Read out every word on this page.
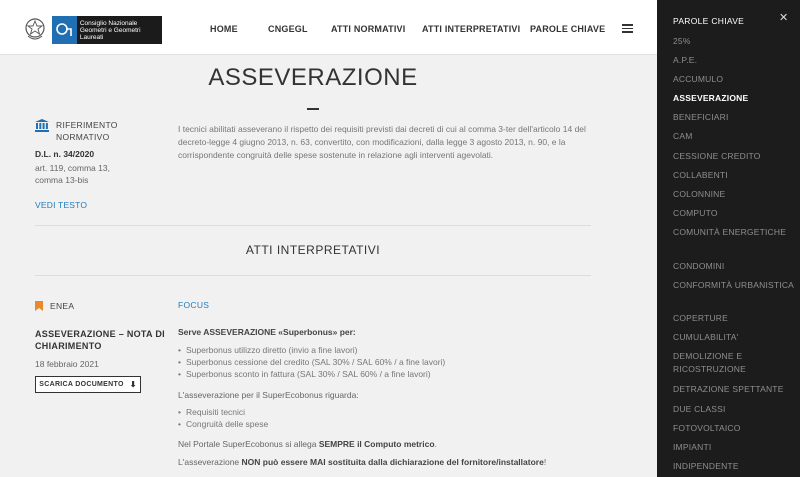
Consiglio Nazionale
Geometri e Geometri Laureati
HOME	CNGEGL	ATTI NORMATIVI ATTI INTERPRETATIVI PAROLE CHIAVE
ASSEVERAZIONE
RIFERIMENTO NORMATIVO
D.L. n. 34/2020
art. 119, comma 13, comma 13-bis
VEDI TESTO
I tecnici abilitati asseverano il rispetto dei requisiti previsti dai decreti di cui al comma 3-ter dell'articolo 14 del decreto-legge 4 giugno 2013, n. 63, convertito, con modificazioni, dalla legge 3 agosto 2013, n. 90, e la corrispondente congruità delle spese sostenute in relazione agli interventi agevolati.
ATTI INTERPRETATIVI
ENEA
ASSEVERAZIONE – NOTA DI CHIARIMENTO
18 febbraio 2021
SCARICA DOCUMENTO ⬇
FOCUS
Serve ASSEVERAZIONE «Superbonus» per:
• Superbonus utilizzo diretto (invio a fine lavori)
• Superbonus cessione del credito (SAL 30% / SAL 60% / a fine lavori)
• Superbonus sconto in fattura (SAL 30% / SAL 60% / a fine lavori)
L'asseverazione per il SuperEcobonus riguarda:
• Requisiti tecnici
• Congruità delle spese
Nel Portale SuperEcobonus si allega SEMPRE il Computo metrico.
L'asseverazione NON può essere MAI sostituita dalla dichiarazione del fornitore/installatore!
PAROLE CHIAVE	✕
25%
A.P.E.
ACCUMULO
ASSEVERAZIONE
BENEFICIARI
CAM
CESSIONE CREDITO
COLLABENTI
COLONNINE
COMPUTO
COMUNITÀ ENERGETICHE
CONDOMINI
CONFORMITÀ URBANISTICA
COPERTURE
CUMULABILITA'
DEMOLIZIONE E RICOSTRUZIONE
DETRAZIONE SPETTANTE
DUE CLASSI
FOTOVOLTAICO
IMPIANTI
INDIPENDENTE
